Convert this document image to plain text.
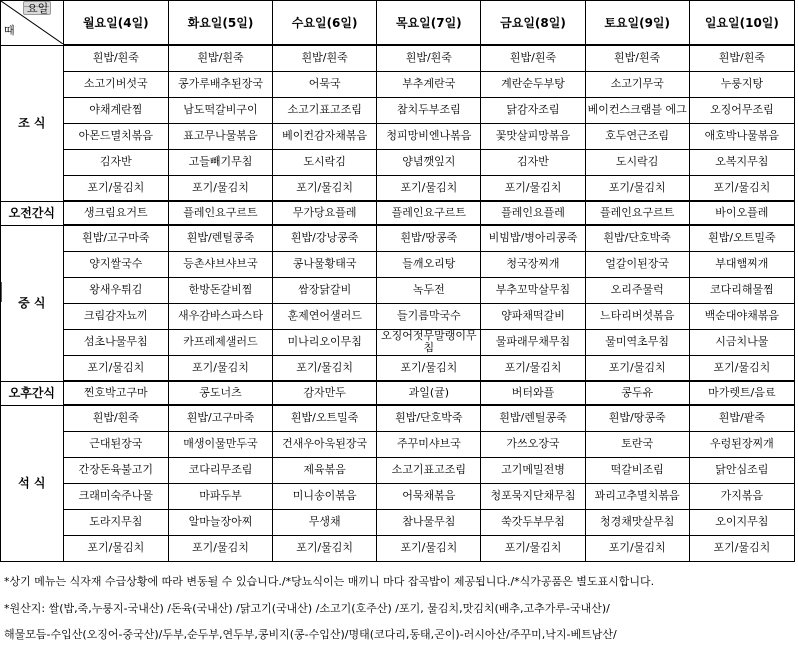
요일
때	월요일(4일)	화요일(5일)	수요일(6일)	목요일(7일)	금요일(8일)	토요일(9일)	일요일(10일)
조 식	흰밥/흰죽	흰밥/흰죽	흰밥/흰죽	흰밥/흰죽	흰밥/흰죽	흰밥/흰죽	흰밥/흰죽
	소고기버섯국	콩가루배추된장국	어묵국	부추계란국	계란순두부탕	소고기무국	누룽지탕
	야채계란찜	남도떡갈비구이	소고기표고조림	참치두부조림	닭감자조림	베이컨스크램블 에그	오징어무조림
	아몬드멸치볶음	표고무나물볶음	베이컨감자채볶음	청피망비엔나볶음	꽃맛살피망볶음	호두연근조림	애호박나물볶음
	김자반	고들빼기무침	도시락김	양념깻잎지	김자반	도시락김	오복지무침
	포기/물김치	포기/물김치	포기/물김치	포기/물김치	포기/물김치	포기/물김치	포기/물김치
오전간식	생크림요거트	플레인요구르트	무가당요플레	플레인요구르트	플레인요플레	플레인요구르트	바이오플레
중 식	흰밥/고구마죽	흰밥/렌틸콩죽	흰밥/강낭콩죽	흰밥/땅콩죽	비빔밥/병아리콩죽	흰밥/단호박죽	흰밥/오트밀죽
	양지쌀국수	등촌샤브샤브국	콩나물황태국	들깨오리탕	청국장찌개	얼갈이된장국	부대햄찌개
	왕새우튀김	한방돈갈비찜	쌈장닭갈비	녹두전	부추꼬막살무침	오리주물럭	코다리해물찜
	크림감자뇨끼	새우감바스파스타	훈제연어샐러드	들기름막국수	양파채떡갈비	느타리버섯볶음	백순대야채볶음
	섬초나물무침	카프레제샐러드	미나리오이무침	오징어젓무말랭이무침	물파래무채무침	물미역초무침	시금치나물
	포기/물김치	포기/물김치	포기/물김치	포기/물김치	포기/물김치	포기/물김치	포기/물김치
오후간식	찐호박고구마	콩도너츠	감자만두	과일(귤)	버터와플	콩두유	마가렛트/음료
석 식	흰밥/흰죽	흰밥/고구마죽	흰밥/오트밀죽	흰밥/단호박죽	흰밥/렌틸콩죽	흰밥/땅콩죽	흰밥/팥죽
	근대된장국	매생이물만두국	건새우아욱된장국	주꾸미샤브국	가쓰오장국	토란국	우렁된장찌개
	간장돈육불고기	코다리무조림	제육볶음	소고기표고조림	고기메밀전병	떡갈비조림	닭안심조림
	크래미숙주나물	마파두부	미니송이볶음	어묵채볶음	청포묵지단채무침	꽈리고추멸치볶음	가지볶음
	도라지무침	알마늘장아찌	무생채	참나물무침	쑥갓두부무침	청경채맛살무침	오이지무침
	포기/물김치	포기/물김치	포기/물김치	포기/물김치	포기/물김치	포기/물김치	포기/물김치
*상기 메뉴는 식자재 수급상황에 따라 변동될 수 있습니다./*당뇨식이는 매끼니 마다 잡곡밥이 제공됩니다./*식가공품은 별도표시합니다.
*원산지: 쌀(밥,죽,누룽지-국내산) /돈육(국내산) /닭고기(국내산) /소고기(호주산) /포기, 물김치,맛김치(배추,고추가루-국내산)/
해물모듬-수입산(오징어-중국산)/두부,순두부,연두부,콩비지(콩-수입산)/명태(코다리,동태,곤이)-러시아산/주꾸미,낙지-베트남산/
